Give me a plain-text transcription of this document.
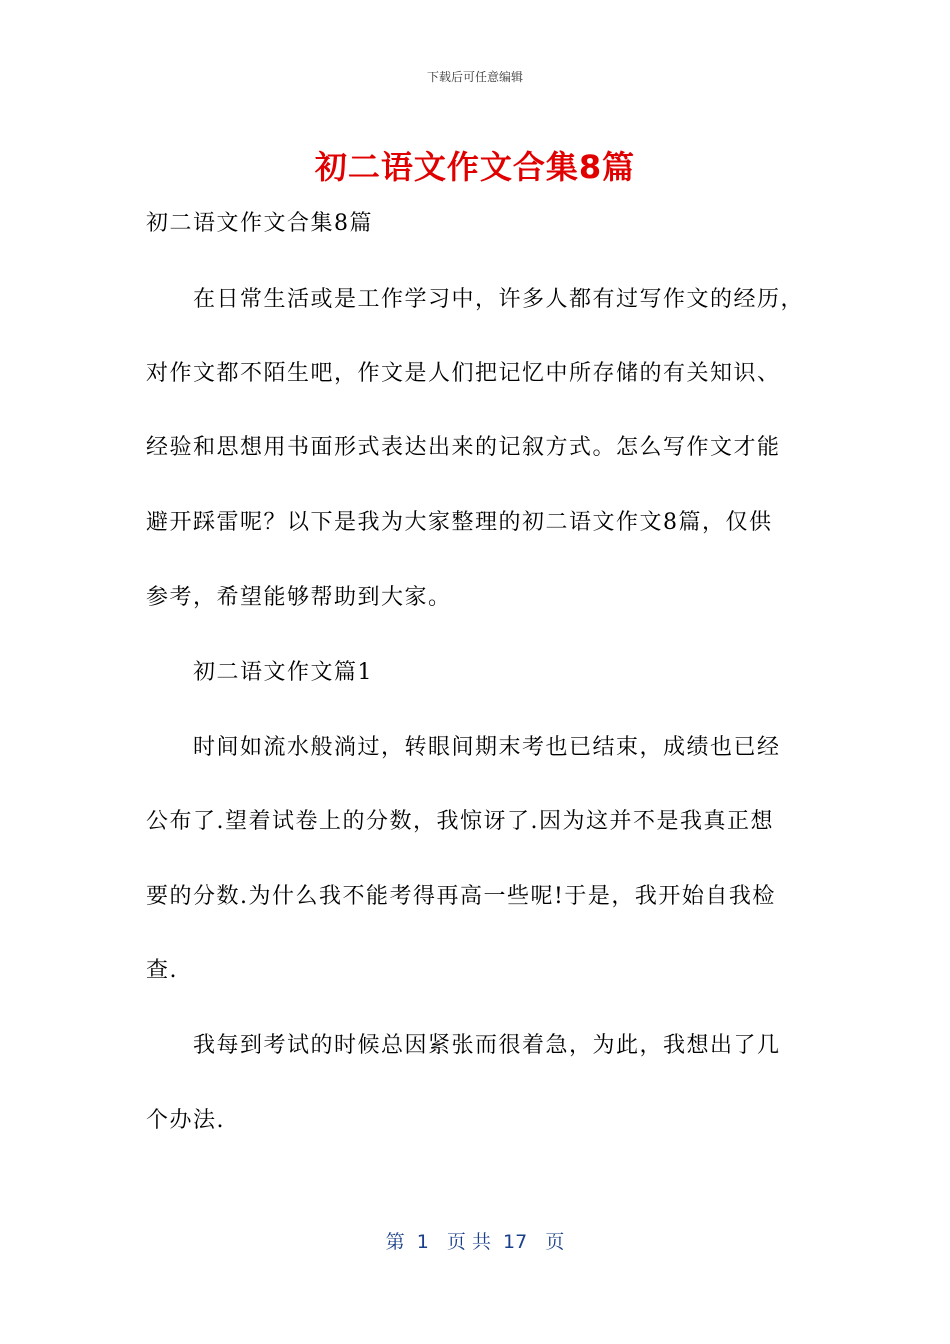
下载后可任意编辑
初二语文作文合集8篇
初二语文作文合集8篇
在日常生活或是工作学习中，许多人都有过写作文的经历，
对作文都不陌生吧，作文是人们把记忆中所存储的有关知识、
经验和思想用书面形式表达出来的记叙方式。怎么写作文才能
避开踩雷呢？以下是我为大家整理的初二语文作文8篇，仅供
参考，希望能够帮助到大家。
初二语文作文篇1
时间如流水般淌过，转眼间期末考也已结束，成绩也已经
公布了.望着试卷上的分数，我惊讶了.因为这并不是我真正想
要的分数.为什么我不能考得再高一些呢!于是，我开始自我检
查.
我每到考试的时候总因紧张而很着急，为此，我想出了几
个办法.
第  1   页 共  17   页
